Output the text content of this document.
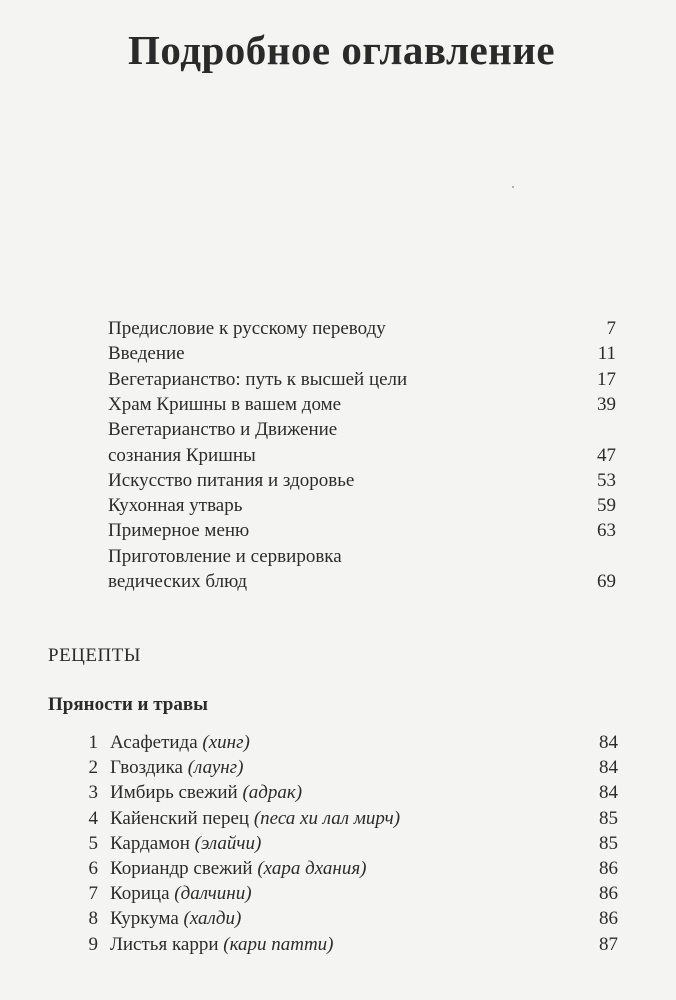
Подробное оглавление
Предисловие к русскому переводу	7
Введение	11
Вегетарианство: путь к высшей цели	17
Храм Кришны в вашем доме	39
Вегетарианство и Движение
сознания Кришны	47
Искусство питания и здоровье	53
Кухонная утварь	59
Примерное меню	63
Приготовление и сервировка
ведических блюд	69
РЕЦЕПТЫ
Пряности и травы
1 Асафетида (хинг)	84
2 Гвоздика (лаунг)	84
3 Имбирь свежий (адрак)	84
4 Кайенский перец (песа хи лал мирч)	85
5 Кардамон (элайчи)	85
6 Кориандр свежий (хара дхания)	86
7 Корица (далчини)	86
8 Куркума (халди)	86
9 Листья карри (кари патти)	87
